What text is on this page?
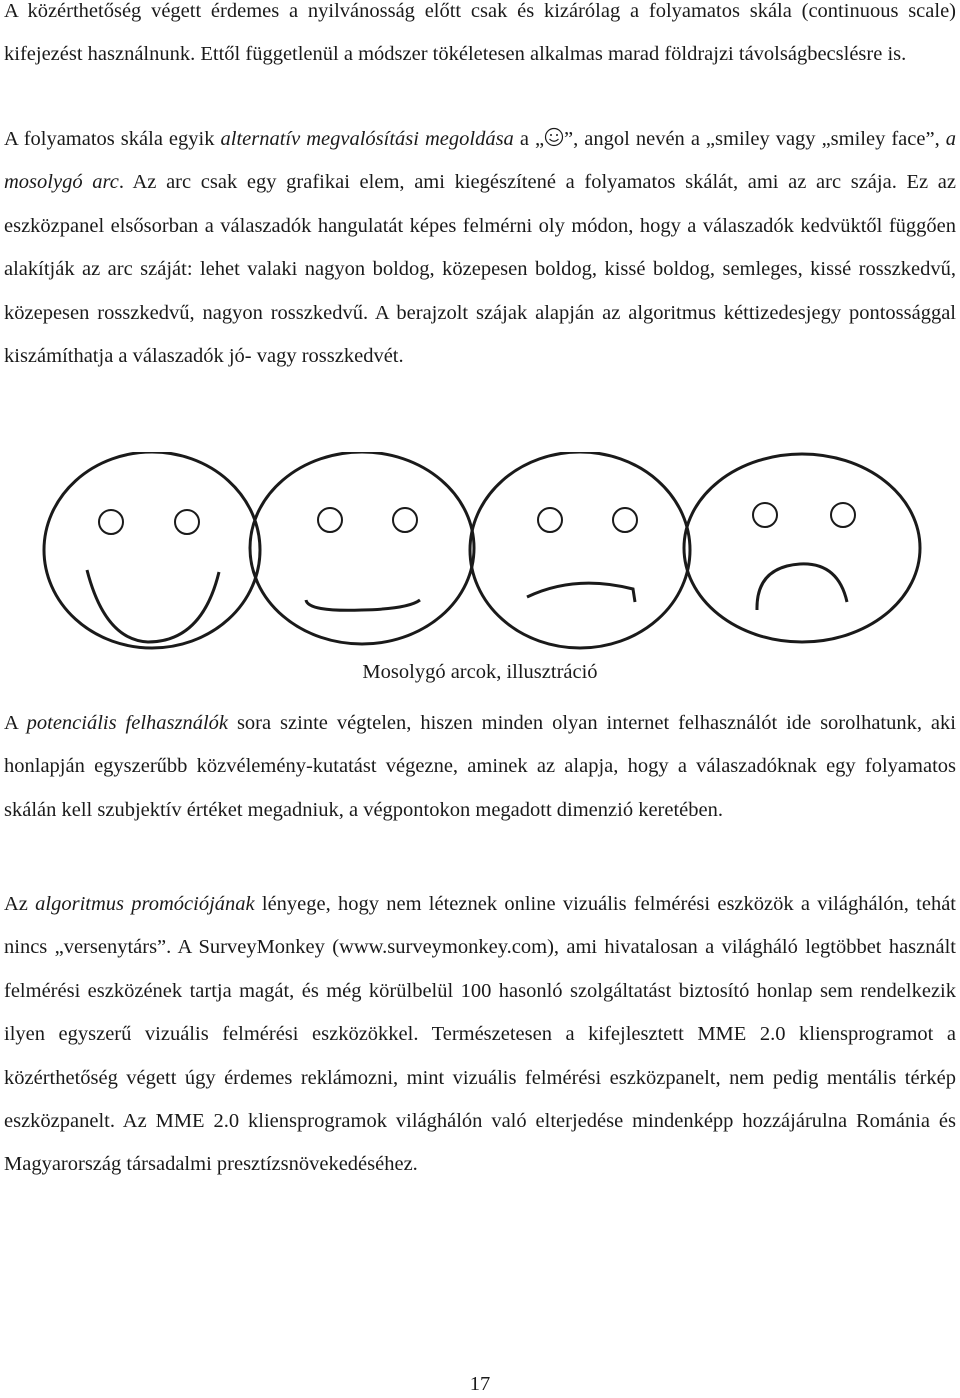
A közérthetőség végett érdemes a nyilvánosság előtt csak és kizárólag a folyamatos skála (continuous scale) kifejezést használnunk. Ettől függetlenül a módszer tökéletesen alkalmas marad földrajzi távolságbecslésre is.

A folyamatos skála egyik alternatív megvalósítási megoldása a „ ”, angol nevén a „smiley vagy „smiley face”, a mosolygó arc. Az arc csak egy grafikai elem, ami kiegészítené a folyamatos skálát, ami az arc szája. Ez az eszközpanel elsősorban a válaszadók hangulatát képes felmérni oly módon, hogy a válaszadók kedvüktől függően alakítják az arc száját: lehet valaki nagyon boldog, közepesen boldog, kissé boldog, semleges, kissé rosszkedvű, közepesen rosszkedvű, nagyon rosszkedvű. A berajzolt szájak alapján az algoritmus kéttizedesjegy pontossággal kiszámíthatja a válaszadók jó- vagy rosszkedvét.

Mosolygó arcok, illusztráció

A potenciális felhasználók sora szinte végtelen, hiszen minden olyan internet felhasználót ide sorolhatunk, aki honlapján egyszerűbb közvélemény-kutatást végezne, aminek az alapja, hogy a válaszadóknak egy folyamatos skálán kell szubjektív értéket megadniuk, a végpontokon megadott dimenzió keretében.

Az algoritmus promóciójának lényege, hogy nem léteznek online vizuális felmérési eszközök a világhálón, tehát nincs „versenytárs”. A SurveyMonkey (www.surveymonkey.com), ami hivatalosan a világháló legtöbbet használt felmérési eszközének tartja magát, és még körülbelül 100 hasonló szolgáltatást biztosító honlap sem rendelkezik ilyen egyszerű vizuális felmérési eszközökkel. Természetesen a kifejlesztett MME 2.0 kliensprogramot a közérthetőség végett úgy érdemes reklámozni, mint vizuális felmérési eszközpanelt, nem pedig mentális térkép eszközpanelt. Az MME 2.0 kliensprogramok világhálón való elterjedése mindenképp hozzájárulna Románia és Magyarország társadalmi presztízsnövekedéséhez.

17
